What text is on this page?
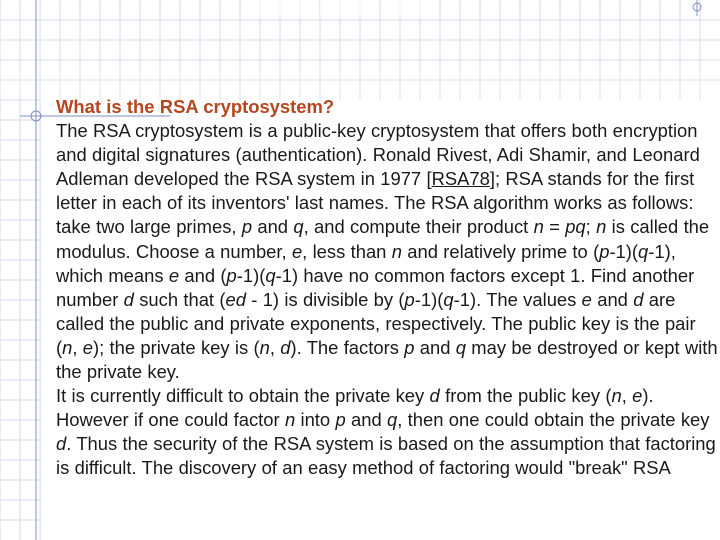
What is the RSA cryptosystem?

The RSA cryptosystem is a public-key cryptosystem that offers both encryption and digital signatures (authentication). Ronald Rivest, Adi Shamir, and Leonard Adleman developed the RSA system in 1977 [RSA78]; RSA stands for the first letter in each of its inventors' last names. The RSA algorithm works as follows: take two large primes, p and q, and compute their product n = pq; n is called the modulus. Choose a number, e, less than n and relatively prime to (p-1)(q-1), which means e and (p-1)(q-1) have no common factors except 1. Find another number d such that (ed - 1) is divisible by (p-1)(q-1). The values e and d are called the public and private exponents, respectively. The public key is the pair (n, e); the private key is (n, d). The factors p and q may be destroyed or kept with the private key.

It is currently difficult to obtain the private key d from the public key (n, e). However if one could factor n into p and q, then one could obtain the private key d. Thus the security of the RSA system is based on the assumption that factoring is difficult. The discovery of an easy method of factoring would "break" RSA
